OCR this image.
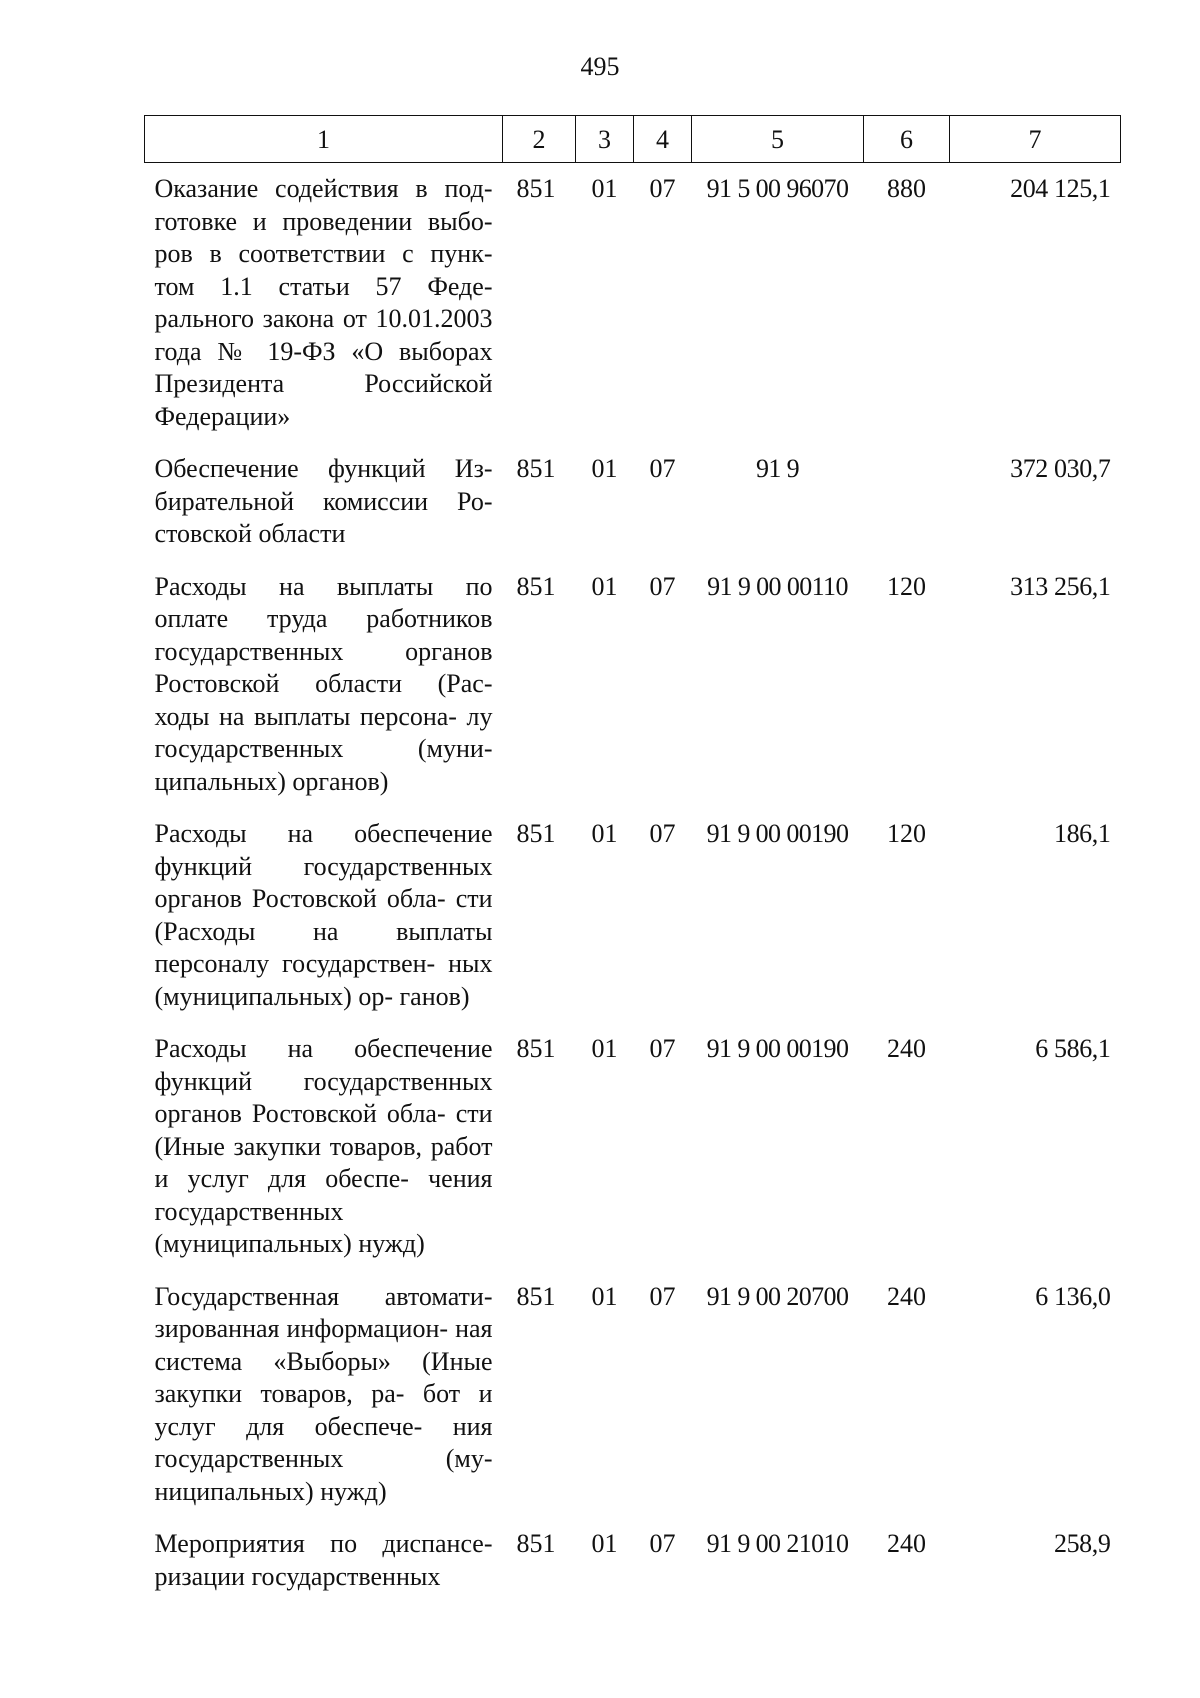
495
1	2	3	4	5	6	7
Оказание содействия в под- готовке и проведении выбо- ров в соответствии с пунк- том 1.1 статьи 57 Феде- рального закона от 10.01.2003 года № 19-ФЗ «О выборах Президента Российской Федерации»	851	01	07	91 5 00 96070	880	204 125,1
Обеспечение функций Из- бирательной комиссии Ро- стовской области	851	01	07	91 9		372 030,7
Расходы на выплаты по оплате труда работников государственных органов Ростовской области (Рас- ходы на выплаты персона- лу государственных (муни- ципальных) органов)	851	01	07	91 9 00 00110	120	313 256,1
Расходы на обеспечение функций государственных органов Ростовской обла- сти (Расходы на выплаты персоналу государствен- ных (муниципальных) ор- ганов)	851	01	07	91 9 00 00190	120	186,1
Расходы на обеспечение функций государственных органов Ростовской обла- сти (Иные закупки товаров, работ и услуг для обеспе- чения государственных (муниципальных) нужд)	851	01	07	91 9 00 00190	240	6 586,1
Государственная автомати- зированная информацион- ная система «Выборы» (Иные закупки товаров, ра- бот и услуг для обеспече- ния государственных (му- ниципальных) нужд)	851	01	07	91 9 00 20700	240	6 136,0
Мероприятия по диспансе- ризации государственных	851	01	07	91 9 00 21010	240	258,9
